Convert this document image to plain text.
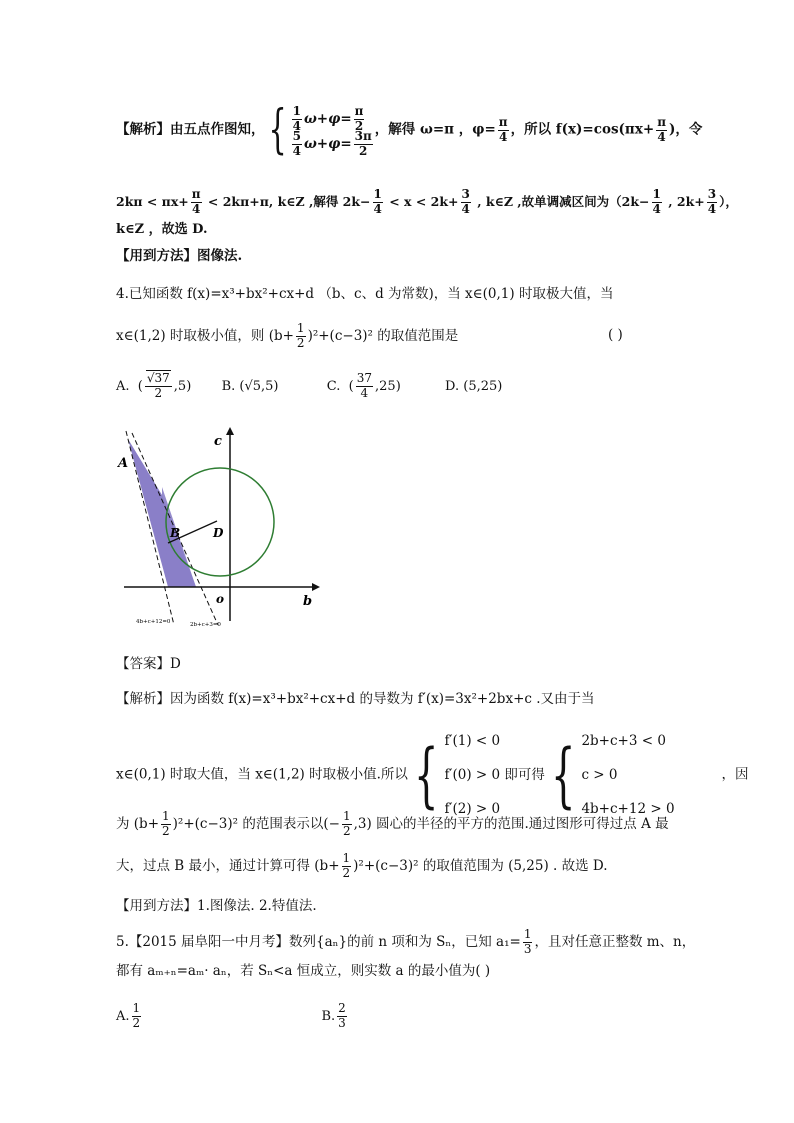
【解析】由五点作图知，{ $\frac{1}{4} \omega+\varphi= \frac{\pi}{2}$
$\frac{5}{4} \omega+\varphi= \frac{3\pi}{2}$
，解得 ω=π ，$\varphi= \frac{\pi}{4}$ ，所以 $f(x)=\cos(\pi x+ \frac{\pi}{4}$ )，令
$2k\pi < \pi x+ \frac{\pi}{4} < 2k\pi+\pi$, k∈Z ,解得 $2k- \frac{1}{4} < x < 2k+ \frac{3}{4}$ , k∈Z ,故单调减区间为（$2k- \frac{1}{4}$ , $2k+ \frac{3}{4}$ ），
k∈Z ，故选 D.
【用到方法】图像法.
4.已知函数 f(x)=x³+bx²+cx+d （b、c、d 为常数)，当 x∈(0,1) 时取极大值，当
x∈(1,2) 时取极小值，则 $(b+ \frac{1}{2} )^2+(c-3)^2$ 的取值范围是	( )
A. ( $\frac{√37}{2} ,5$) B. (√5,5)	C. ( $\frac{37}{4} ,25$)	D. (5,25)
A
B	D
c
b
o
4b+c+12=0	2b+c+3=0
【答案】D
【解析】因为函数 f(x)=x³+bx²+cx+d 的导数为 f′(x)=3x²+2bx+c .又由于当
x∈(0,1) 时取大值，当 x∈(1,2) 时取极小值.所以{ f′(1) < 0
f′(0) > 0 即可得
f′(2) > 0 { 2b+c+3 < 0
c > 0
4b+c+12 > 0
，因
为 $(b+ \frac{1}{2} )^2+(c-3)^2$ 的范围表示以(− $\frac{1}{2} ,3$) 圆心的半径的平方的范围.通过图形可得过点 A 最
大，过点 B 最小，通过计算可得 $(b+ \frac{1}{2} )^2+(c-3)^2$ 的取值范围为 (5,25) . 故选 D.
【用到方法】1.图像法. 2.特值法.
5.【2015 届阜阳一中月考】数列{aₙ}的前 n 项和为 Sₙ，已知 $a_1= \frac{1}{3}$ ，且对任意正整数 m、n，
都有 aₘ₊ₙ=aₘ· aₙ，若 Sₙ<a 恒成立，则实数 a 的最小值为( )
A. $\frac{1}{2}$	B. $\frac{2}{3}$
